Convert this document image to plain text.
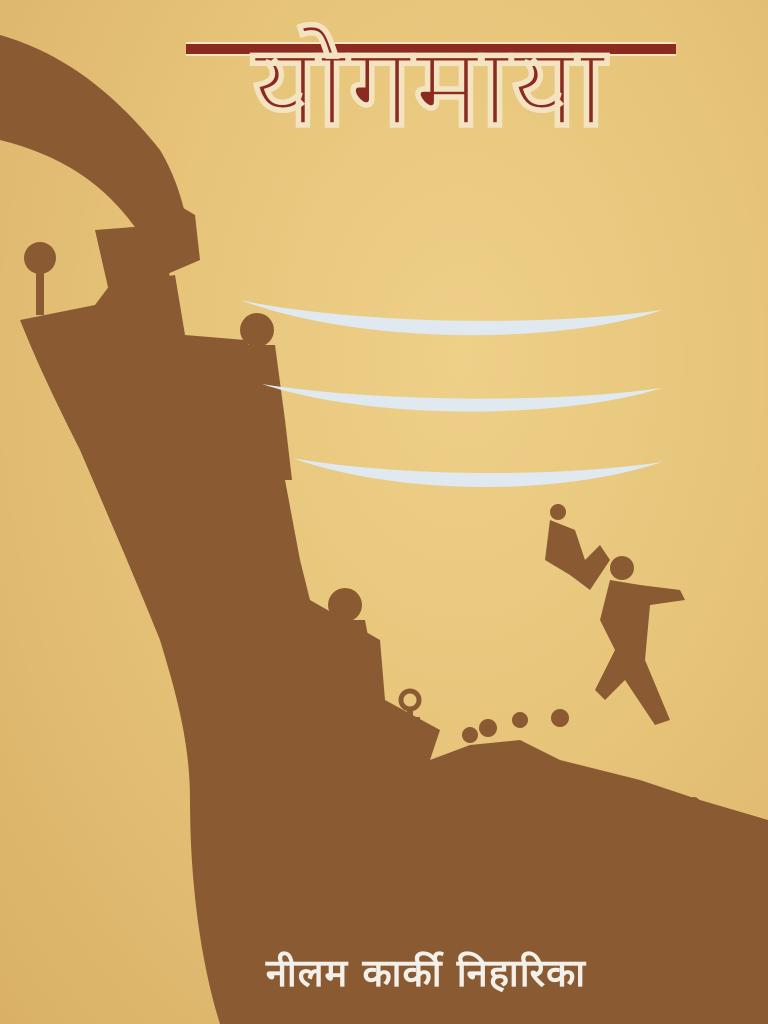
योगमाया
नीलम कार्की निहारिका
